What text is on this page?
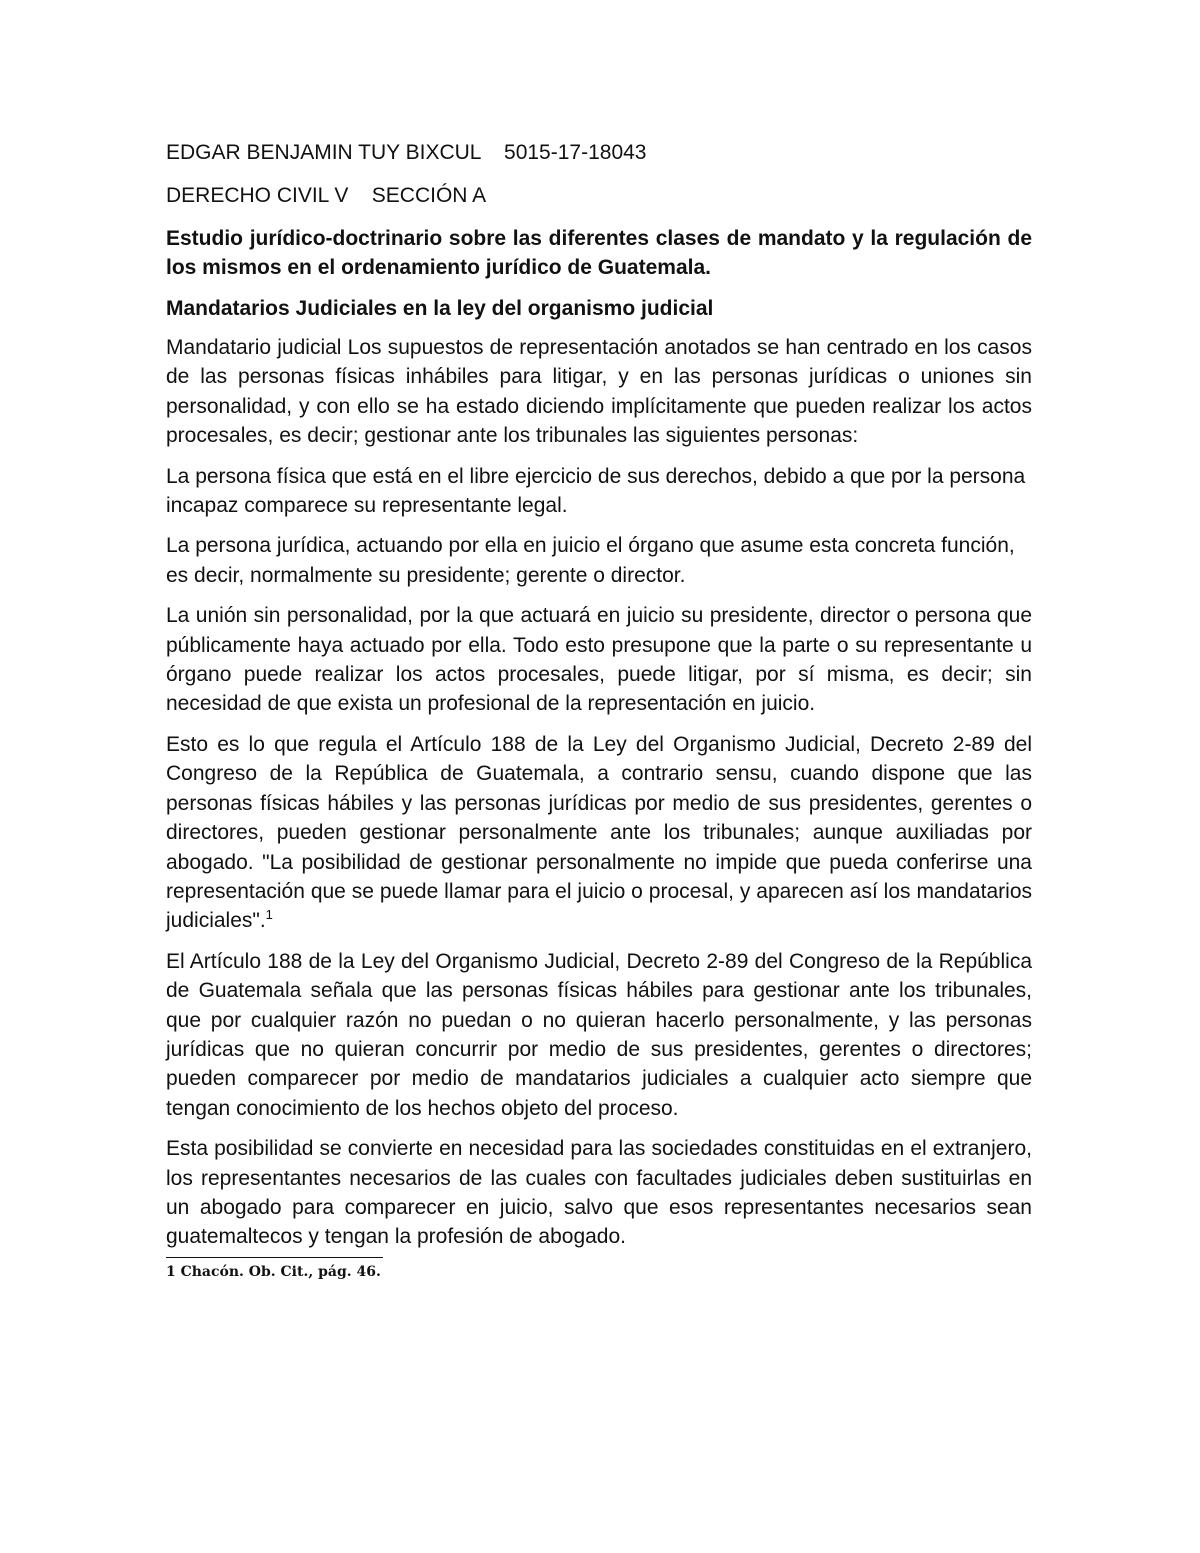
EDGAR BENJAMIN TUY BIXCUL    5015-17-18043

DERECHO CIVIL V    SECCIÓN A

Estudio jurídico-doctrinario sobre las diferentes clases de mandato y la regulación de los mismos en el ordenamiento jurídico de Guatemala.

Mandatarios Judiciales en la ley del organismo judicial

Mandatario judicial Los supuestos de representación anotados se han centrado en los casos de las personas físicas inhábiles para litigar, y en las personas jurídicas o uniones sin personalidad, y con ello se ha estado diciendo implícitamente que pueden realizar los actos procesales, es decir; gestionar ante los tribunales las siguientes personas:

La persona física que está en el libre ejercicio de sus derechos, debido a que por la persona incapaz comparece su representante legal.

La persona jurídica, actuando por ella en juicio el órgano que asume esta concreta función, es decir, normalmente su presidente; gerente o director.

La unión sin personalidad, por la que actuará en juicio su presidente, director o persona que públicamente haya actuado por ella. Todo esto presupone que la parte o su representante u órgano puede realizar los actos procesales, puede litigar, por sí misma, es decir; sin necesidad de que exista un profesional de la representación en juicio.

Esto es lo que regula el Artículo 188 de la Ley del Organismo Judicial, Decreto 2-89 del Congreso de la República de Guatemala, a contrario sensu, cuando dispone que las personas físicas hábiles y las personas jurídicas por medio de sus presidentes, gerentes o directores, pueden gestionar personalmente ante los tribunales; aunque auxiliadas por abogado. "La posibilidad de gestionar personalmente no impide que pueda conferirse una representación que se puede llamar para el juicio o procesal, y aparecen así los mandatarios judiciales".$^1$

El Artículo 188 de la Ley del Organismo Judicial, Decreto 2-89 del Congreso de la República de Guatemala señala que las personas físicas hábiles para gestionar ante los tribunales, que por cualquier razón no puedan o no quieran hacerlo personalmente, y las personas jurídicas que no quieran concurrir por medio de sus presidentes, gerentes o directores; pueden comparecer por medio de mandatarios judiciales a cualquier acto siempre que tengan conocimiento de los hechos objeto del proceso.

Esta posibilidad se convierte en necesidad para las sociedades constituidas en el extranjero, los representantes necesarios de las cuales con facultades judiciales deben sustituirlas en un abogado para comparecer en juicio, salvo que esos representantes necesarios sean guatemaltecos y tengan la profesión de abogado.

1 Chacón. Ob. Cit., pág. 46.
